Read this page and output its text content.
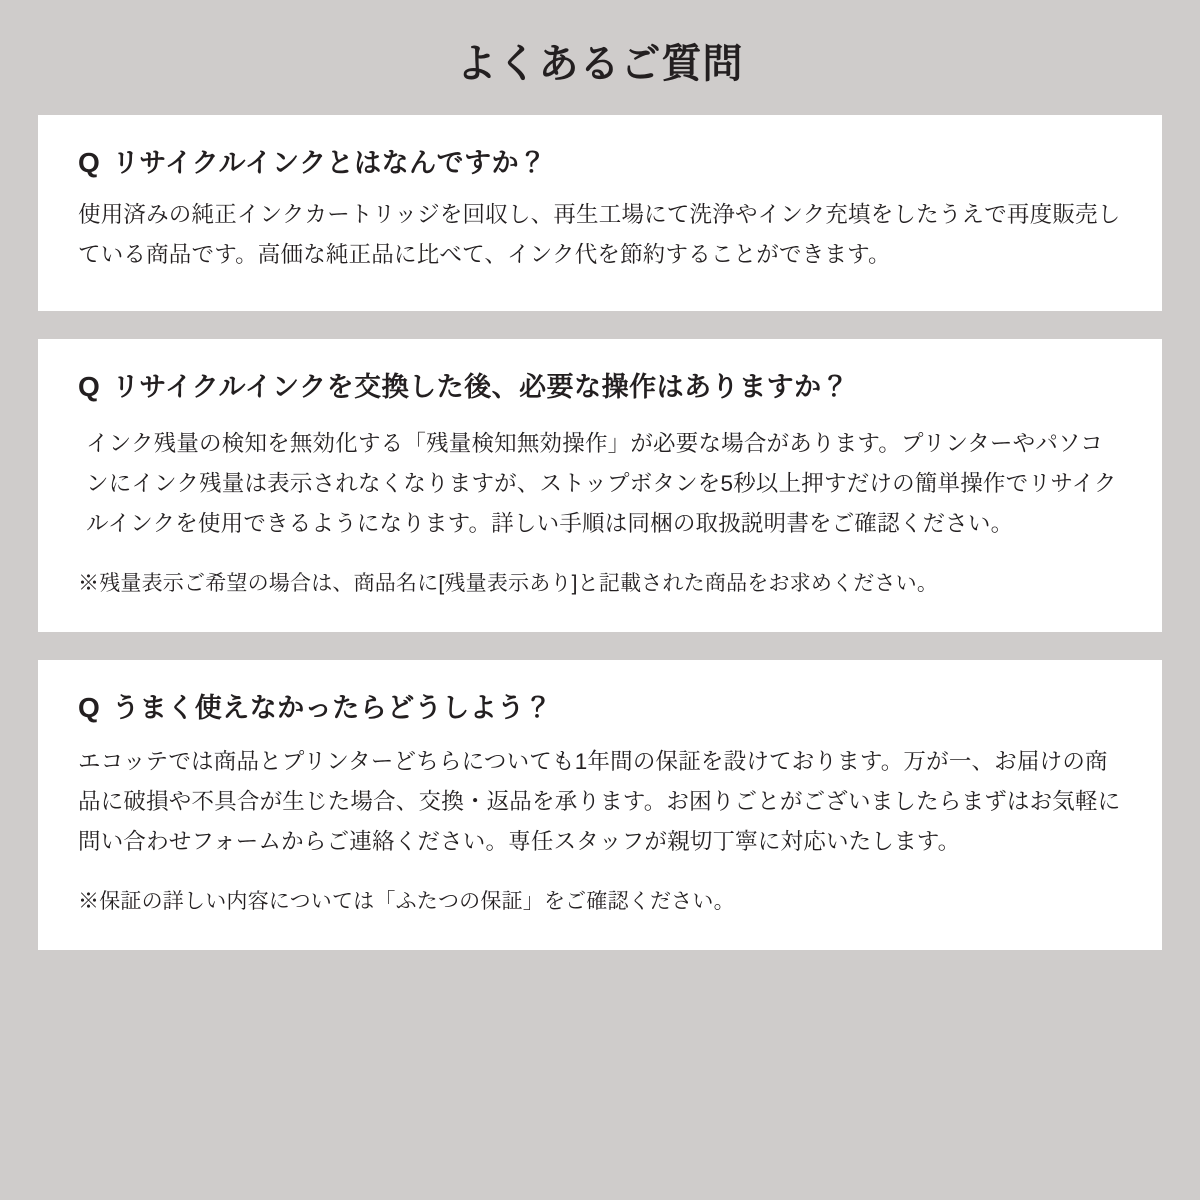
よくあるご質問
Q リサイクルインクとはなんですか？

使用済みの純正インクカートリッジを回収し、再生工場にて洗浄やインク充填をしたうえで再度販売している商品です。高価な純正品に比べて、インク代を節約することができます。

Q リサイクルインクを交換した後、必要な操作はありますか？

インク残量の検知を無効化する「残量検知無効操作」が必要な場合があります。プリンターやパソコンにインク残量は表示されなくなりますが、ストップボタンを5秒以上押すだけの簡単操作でリサイクルインクを使用できるようになります。詳しい手順は同梱の取扱説明書をご確認ください。

※残量表示ご希望の場合は、商品名に[残量表示あり]と記載された商品をお求めください。

Q うまく使えなかったらどうしよう？

エコッテでは商品とプリンターどちらについても1年間の保証を設けております。万が一、お届けの商品に破損や不具合が生じた場合、交換・返品を承ります。お困りごとがございましたらまずはお気軽に問い合わせフォームからご連絡ください。専任スタッフが親切丁寧に対応いたします。

※保証の詳しい内容については「ふたつの保証」をご確認ください。
